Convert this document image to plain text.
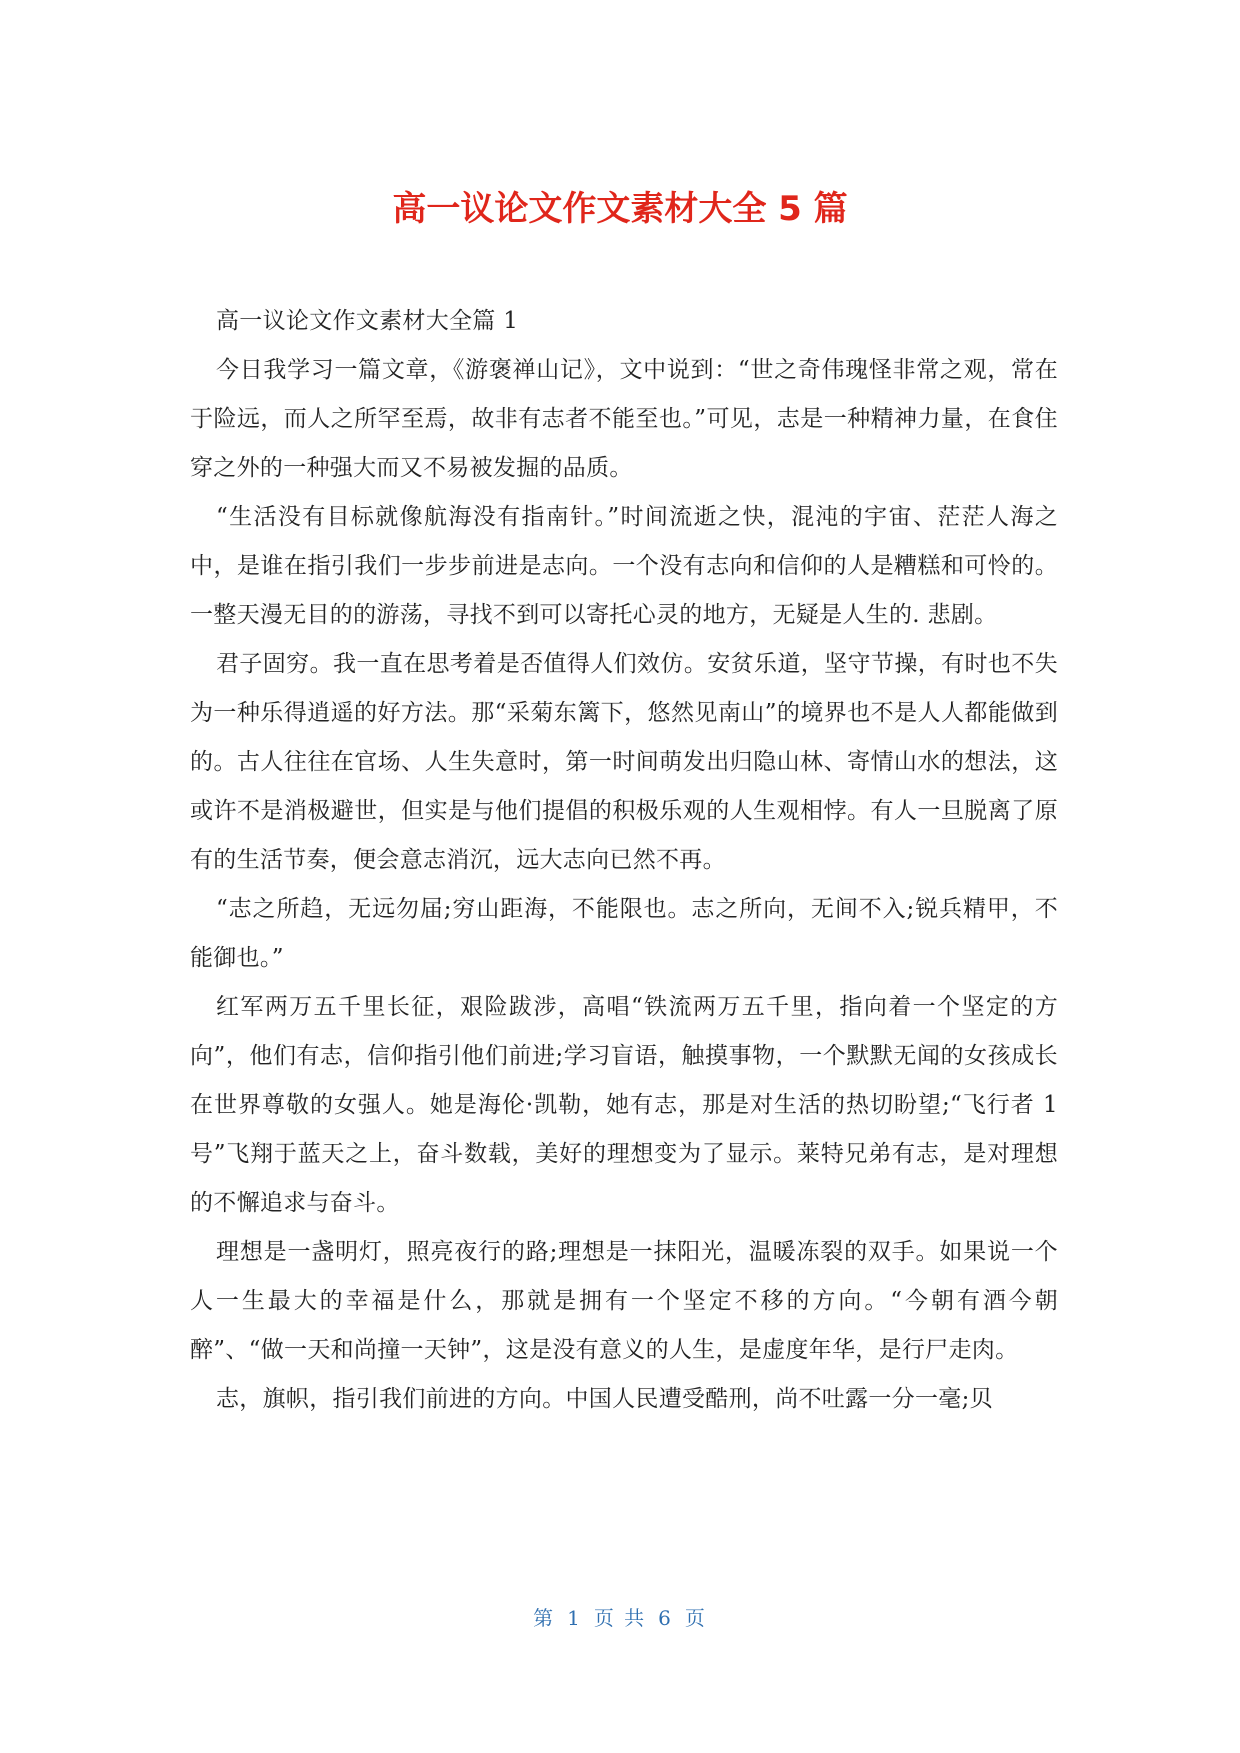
高一议论文作文素材大全 5 篇

高一议论文作文素材大全篇 1

今日我学习一篇文章，《游褒禅山记》，文中说到：“世之奇伟瑰怪非常之观，常在于险远，而人之所罕至焉，故非有志者不能至也。”可见，志是一种精神力量，在食住穿之外的一种强大而又不易被发掘的品质。

“生活没有目标就像航海没有指南针。”时间流逝之快，混沌的宇宙、茫茫人海之中，是谁在指引我们一步步前进是志向。一个没有志向和信仰的人是糟糕和可怜的。一整天漫无目的的游荡，寻找不到可以寄托心灵的地方，无疑是人生的. 悲剧。

君子固穷。我一直在思考着是否值得人们效仿。安贫乐道，坚守节操，有时也不失为一种乐得逍遥的好方法。那“采菊东篱下，悠然见南山”的境界也不是人人都能做到的。古人往往在官场、人生失意时，第一时间萌发出归隐山林、寄情山水的想法，这或许不是消极避世，但实是与他们提倡的积极乐观的人生观相悖。有人一旦脱离了原有的生活节奏，便会意志消沉，远大志向已然不再。

“志之所趋，无远勿届;穷山距海，不能限也。志之所向，无间不入;锐兵精甲，不能御也。”

红军两万五千里长征，艰险跋涉，高唱“铁流两万五千里，指向着一个坚定的方向”，他们有志，信仰指引他们前进;学习盲语，触摸事物，一个默默无闻的女孩成长在世界尊敬的女强人。她是海伦·凯勒，她有志，那是对生活的热切盼望;“飞行者 1 号”飞翔于蓝天之上，奋斗数载，美好的理想变为了显示。莱特兄弟有志，是对理想的不懈追求与奋斗。

理想是一盏明灯，照亮夜行的路;理想是一抹阳光，温暖冻裂的双手。如果说一个人一生最大的幸福是什么，那就是拥有一个坚定不移的方向。“今朝有酒今朝醉”、“做一天和尚撞一天钟”，这是没有意义的人生，是虚度年华，是行尸走肉。

志，旗帜，指引我们前进的方向。中国人民遭受酷刑，尚不吐露一分一毫;贝

第 1 页 共 6 页
